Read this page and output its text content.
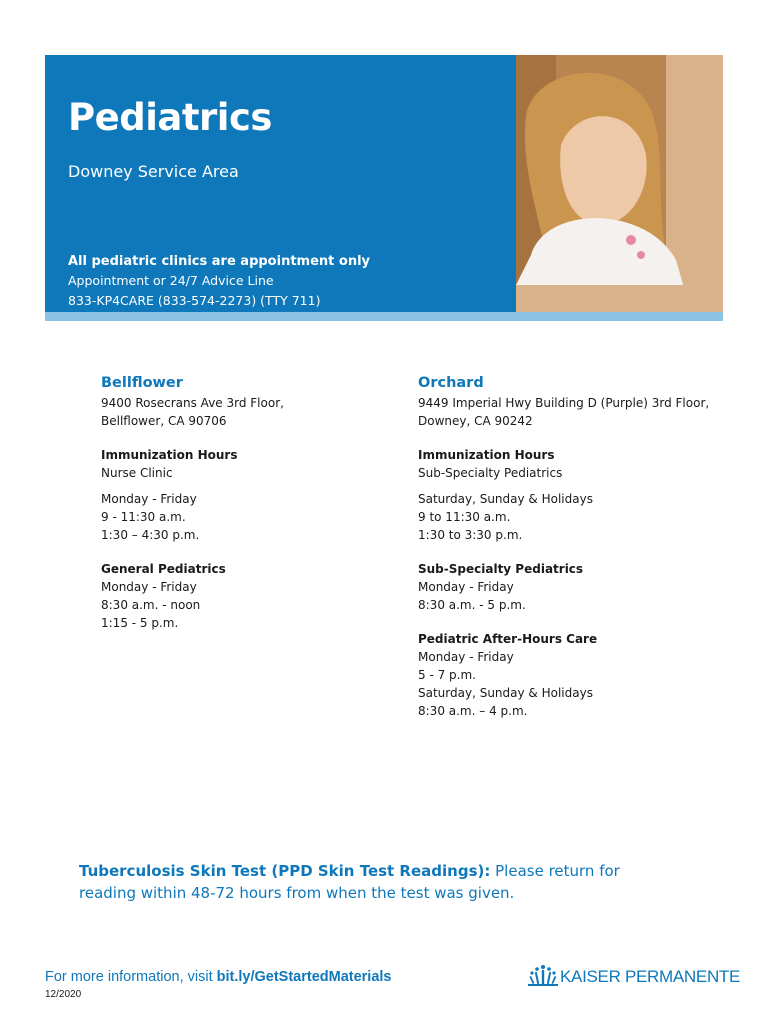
Pediatrics
Downey Service Area
All pediatric clinics are appointment only
Appointment or 24/7 Advice Line
833-KP4CARE (833-574-2273) (TTY 711)
Bellflower
9400 Rosecrans Ave 3rd Floor,
Bellflower, CA 90706
Immunization Hours
Nurse Clinic
Monday - Friday
9 - 11:30 a.m.
1:30 – 4:30 p.m.
General Pediatrics
Monday - Friday
8:30 a.m. - noon
1:15 - 5 p.m.
Orchard
9449 Imperial Hwy Building D (Purple) 3rd Floor,
Downey, CA 90242
Immunization Hours
Sub-Specialty Pediatrics
Saturday, Sunday & Holidays
9 to 11:30 a.m.
1:30 to 3:30 p.m.
Sub-Specialty Pediatrics
Monday - Friday
8:30 a.m. - 5 p.m.
Pediatric After-Hours Care
Monday - Friday
5 - 7 p.m.
Saturday, Sunday & Holidays
8:30 a.m. – 4 p.m.
Tuberculosis Skin Test (PPD Skin Test Readings): Please return for reading within 48-72 hours from when the test was given.
For more information, visit bit.ly/GetStartedMaterials
12/2020
KAISER PERMANENTE
